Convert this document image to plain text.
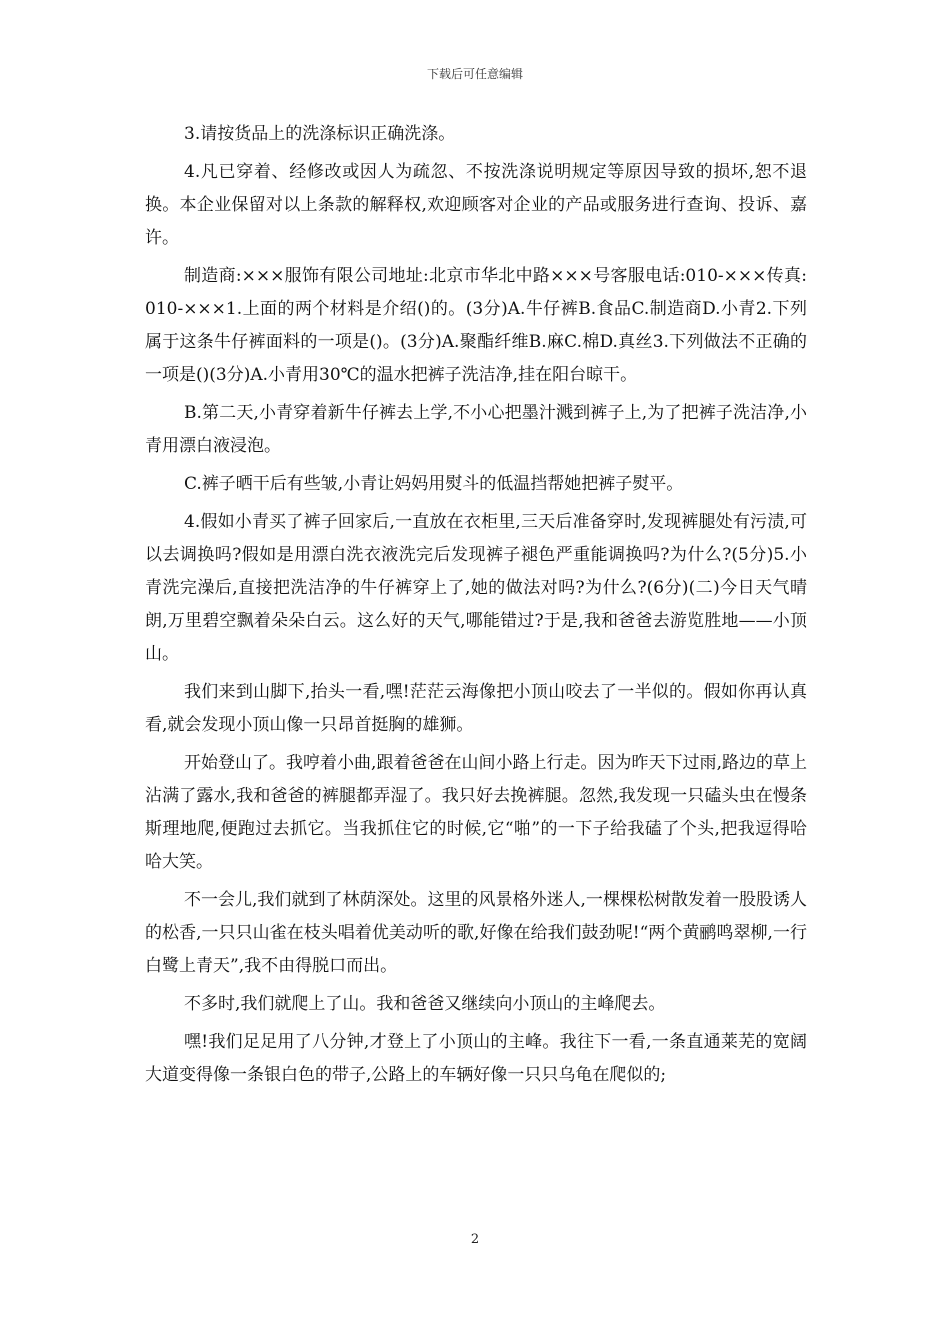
下载后可任意编辑

3.请按货品上的洗涤标识正确洗涤。

4.凡已穿着、经修改或因人为疏忽、不按洗涤说明规定等原因导致的损坏,恕不退换。本企业保留对以上条款的解释权,欢迎顾客对企业的产品或服务进行查询、投诉、嘉许。

制造商:×××服饰有限公司地址:北京市华北中路×××号客服电话:010-×××传真:010-×××1.上面的两个材料是介绍()的。(3分)A.牛仔裤B.食品C.制造商D.小青2.下列属于这条牛仔裤面料的一项是()。(3分)A.聚酯纤维B.麻C.棉D.真丝3.下列做法不正确的一项是()(3分)A.小青用30℃的温水把裤子洗洁净,挂在阳台晾干。

B.第二天,小青穿着新牛仔裤去上学,不小心把墨汁溅到裤子上,为了把裤子洗洁净,小青用漂白液浸泡。

C.裤子晒干后有些皱,小青让妈妈用熨斗的低温挡帮她把裤子熨平。

4.假如小青买了裤子回家后,一直放在衣柜里,三天后准备穿时,发现裤腿处有污渍,可以去调换吗?假如是用漂白洗衣液洗完后发现裤子褪色严重能调换吗?为什么?(5分)5.小青洗完澡后,直接把洗洁净的牛仔裤穿上了,她的做法对吗?为什么?(6分)(二)今日天气晴朗,万里碧空飘着朵朵白云。这么好的天气,哪能错过?于是,我和爸爸去游览胜地——小顶山。

我们来到山脚下,抬头一看,嘿!茫茫云海像把小顶山咬去了一半似的。假如你再认真看,就会发现小顶山像一只昂首挺胸的雄狮。

开始登山了。我哼着小曲,跟着爸爸在山间小路上行走。因为昨天下过雨,路边的草上沾满了露水,我和爸爸的裤腿都弄湿了。我只好去挽裤腿。忽然,我发现一只磕头虫在慢条斯理地爬,便跑过去抓它。当我抓住它的时候,它“啪”的一下子给我磕了个头,把我逗得哈哈大笑。

不一会儿,我们就到了林荫深处。这里的风景格外迷人,一棵棵松树散发着一股股诱人的松香,一只只山雀在枝头唱着优美动听的歌,好像在给我们鼓劲呢!“两个黄鹂鸣翠柳,一行白鹭上青天”,我不由得脱口而出。

不多时,我们就爬上了山。我和爸爸又继续向小顶山的主峰爬去。

嘿!我们足足用了八分钟,才登上了小顶山的主峰。我往下一看,一条直通莱芜的宽阔大道变得像一条银白色的带子,公路上的车辆好像一只只乌龟在爬似的;

2
